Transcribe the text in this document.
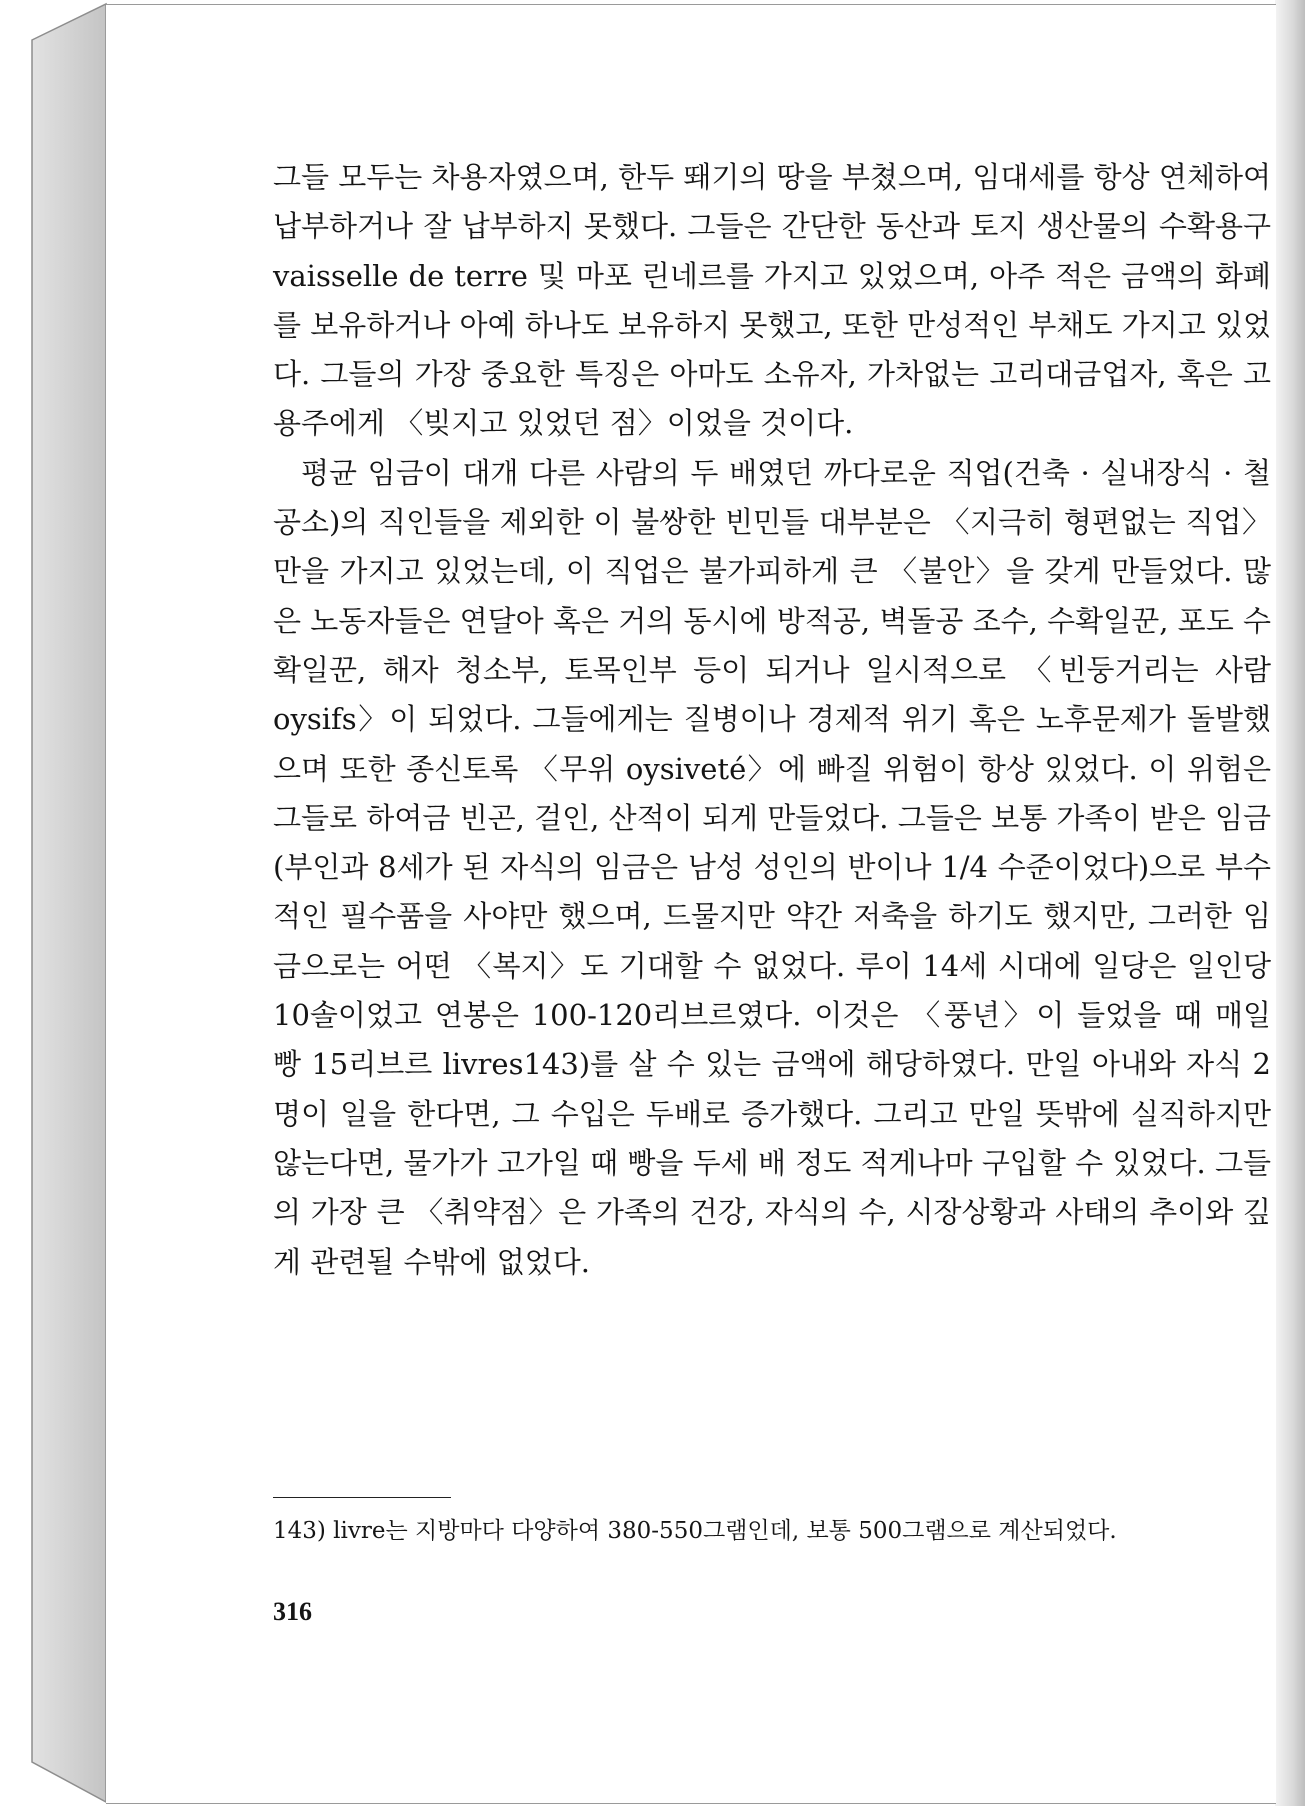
그들 모두는 차용자였으며, 한두 뙈기의 땅을 부쳤으며, 임대세를 항상 연체하여 납부하거나 잘 납부하지 못했다. 그들은 간단한 동산과 토지 생산물의 수확용구 vaisselle de terre 및 마포 린네르를 가지고 있었으며, 아주 적은 금액의 화폐를 보유하거나 아예 하나도 보유하지 못했고, 또한 만성적인 부채도 가지고 있었다. 그들의 가장 중요한 특징은 아마도 소유자, 가차없는 고리대금업자, 혹은 고용주에게 〈빚지고 있었던 점〉이었을 것이다.

평균 임금이 대개 다른 사람의 두 배였던 까다로운 직업(건축 · 실내장식 · 철공소)의 직인들을 제외한 이 불쌍한 빈민들 대부분은 〈지극히 형편없는 직업〉만을 가지고 있었는데, 이 직업은 불가피하게 큰 〈불안〉을 갖게 만들었다. 많은 노동자들은 연달아 혹은 거의 동시에 방적공, 벽돌공 조수, 수확일꾼, 포도 수확일꾼, 해자 청소부, 토목인부 등이 되거나 일시적으로 〈빈둥거리는 사람 oysifs〉이 되었다. 그들에게는 질병이나 경제적 위기 혹은 노후문제가 돌발했으며 또한 종신토록 〈무위 oysiveté〉에 빠질 위험이 항상 있었다. 이 위험은 그들로 하여금 빈곤, 걸인, 산적이 되게 만들었다. 그들은 보통 가족이 받은 임금(부인과 8세가 된 자식의 임금은 남성 성인의 반이나 1/4 수준이었다)으로 부수적인 필수품을 사야만 했으며, 드물지만 약간 저축을 하기도 했지만, 그러한 임금으로는 어떤 〈복지〉도 기대할 수 없었다. 루이 14세 시대에 일당은 일인당 10솔이었고 연봉은 100-120리브르였다. 이것은 〈풍년〉이 들었을 때 매일 빵 15리브르 livres143)를 살 수 있는 금액에 해당하였다. 만일 아내와 자식 2명이 일을 한다면, 그 수입은 두배로 증가했다. 그리고 만일 뜻밖에 실직하지만 않는다면, 물가가 고가일 때 빵을 두세 배 정도 적게나마 구입할 수 있었다. 그들의 가장 큰 〈취약점〉은 가족의 건강, 자식의 수, 시장상황과 사태의 추이와 깊게 관련될 수밖에 없었다.

143) livre는 지방마다 다양하여 380-550그램인데, 보통 500그램으로 계산되었다.
316
